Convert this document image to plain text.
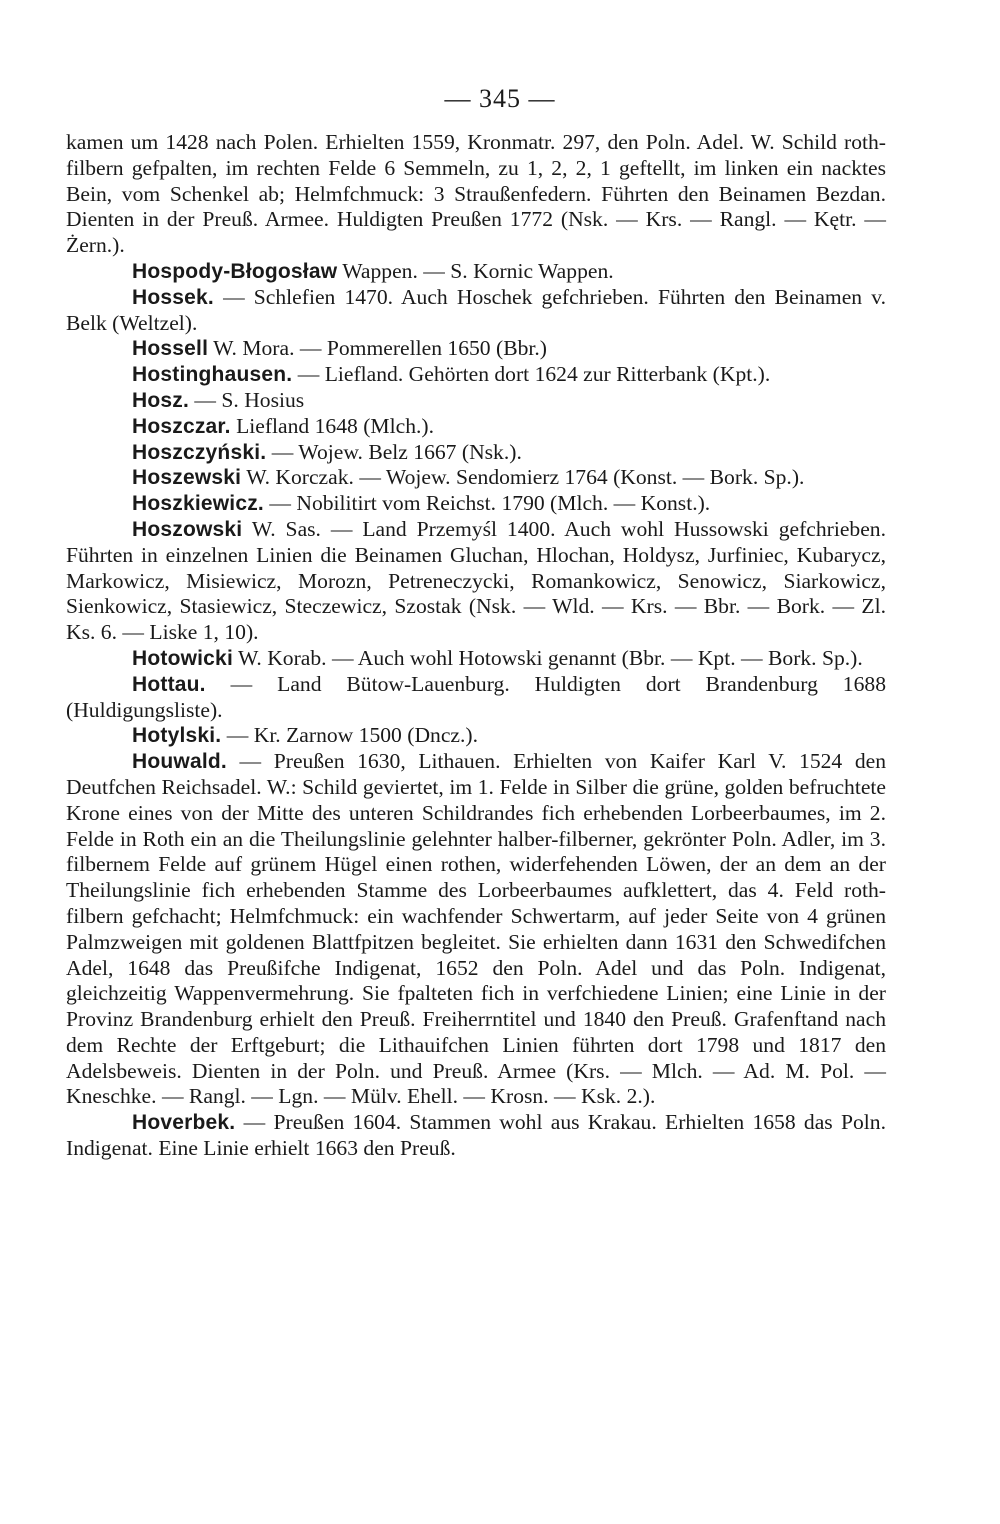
— 345 —

kamen um 1428 nach Polen. Erhielten 1559, Kronmatr. 297, den Poln. Adel. W. Schild roth-filbern gefpalten, im rechten Felde 6 Semmeln, zu 1, 2, 2, 1 geftellt, im linken ein nacktes Bein, vom Schenkel ab; Helmfchmuck: 3 Straußenfedern. Führten den Beinamen Bezdan. Dienten in der Preuß. Armee. Huldigten Preußen 1772 (Nsk. — Krs. — Rangl. — Kętr. — Żern.).

Hospody-Błogosław Wappen. — S. Kornic Wappen.

Hossek. — Schlefien 1470. Auch Hoschek gefchrieben. Führten den Beinamen v. Belk (Weltzel).

Hossell W. Mora. — Pommerellen 1650 (Bbr.)

Hostinghausen. — Liefland. Gehörten dort 1624 zur Ritterbank (Kpt.).

Hosz. — S. Hosius

Hoszczar. Liefland 1648 (Mlch.).

Hoszczyński. — Wojew. Belz 1667 (Nsk.).

Hoszewski W. Korczak. — Wojew. Sendomierz 1764 (Konst. — Bork. Sp.).

Hoszkiewicz. — Nobilitirt vom Reichst. 1790 (Mlch. — Konst.).

Hoszowski W. Sas. — Land Przemyśl 1400. Auch wohl Hussowski gefchrieben. Führten in einzelnen Linien die Beinamen Gluchan, Hlochan, Holdysz, Jurfiniec, Kubarycz, Markowicz, Misiewicz, Morozn, Petreneczycki, Romankowicz, Senowicz, Siarkowicz, Sienkowicz, Stasiewicz, Steczewicz, Szostak (Nsk. — Wld. — Krs. — Bbr. — Bork. — Zl. Ks. 6. — Liske 1, 10).

Hotowicki W. Korab. — Auch wohl Hotowski genannt (Bbr. — Kpt. — Bork. Sp.).

Hottau. — Land Bütow-Lauenburg. Huldigten dort Brandenburg 1688 (Huldigungsliste).

Hotylski. — Kr. Zarnow 1500 (Dncz.).

Houwald. — Preußen 1630, Lithauen. Erhielten von Kaifer Karl V. 1524 den Deutfchen Reichsadel. W.: Schild geviertet, im 1. Felde in Silber die grüne, golden befruchtete Krone eines von der Mitte des unteren Schildrandes fich erhebenden Lorbeerbaumes, im 2. Felde in Roth ein an die Theilungslinie gelehnter halber-filberner, gekrönter Poln. Adler, im 3. filbernem Felde auf grünem Hügel einen rothen, widerfehenden Löwen, der an dem an der Theilungslinie fich erhebenden Stamme des Lorbeerbaumes aufklettert, das 4. Feld roth-filbern gefchacht; Helmfchmuck: ein wachfender Schwertarm, auf jeder Seite von 4 grünen Palmzweigen mit goldenen Blattfpitzen begleitet. Sie erhielten dann 1631 den Schwedifchen Adel, 1648 das Preußifche Indigenat, 1652 den Poln. Adel und das Poln. Indigenat, gleichzeitig Wappenvermehrung. Sie fpalteten fich in verfchiedene Linien; eine Linie in der Provinz Brandenburg erhielt den Preuß. Freiherrntitel und 1840 den Preuß. Grafenftand nach dem Rechte der Erftgeburt; die Lithauifchen Linien führten dort 1798 und 1817 den Adelsbeweis. Dienten in der Poln. und Preuß. Armee (Krs. — Mlch. — Ad. M. Pol. — Kneschke. — Rangl. — Lgn. — Mülv. Ehell. — Krosn. — Ksk. 2.).

Hoverbek. — Preußen 1604. Stammen wohl aus Krakau. Erhielten 1658 das Poln. Indigenat. Eine Linie erhielt 1663 den Preuß.
